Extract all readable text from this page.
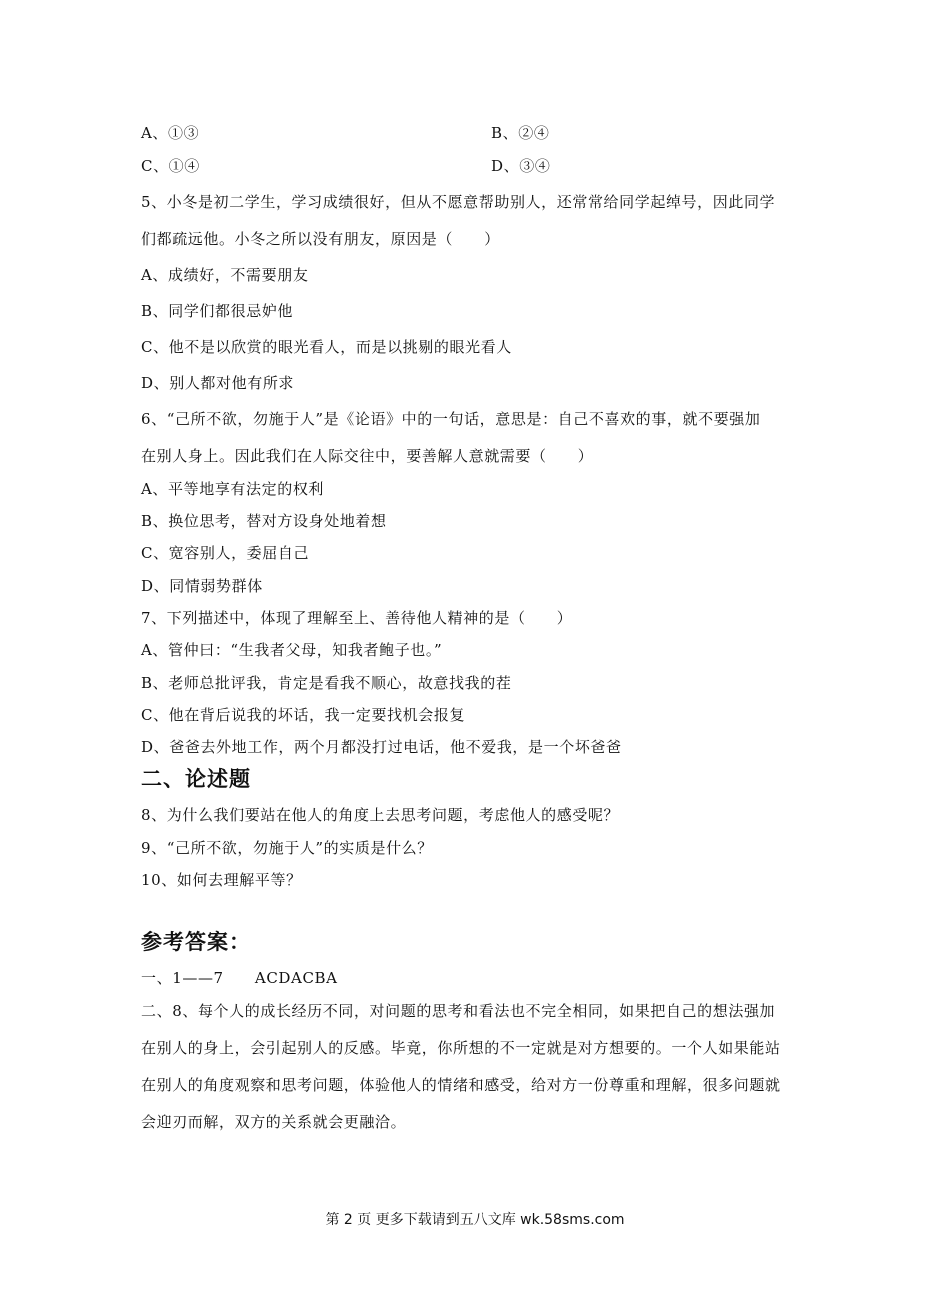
A、①③	B、②④
C、①④	D、③④
5、小冬是初二学生，学习成绩很好，但从不愿意帮助别人，还常常给同学起绰号，因此同学
们都疏远他。小冬之所以没有朋友，原因是（　　）
A、成绩好，不需要朋友
B、同学们都很忌妒他
C、他不是以欣赏的眼光看人，而是以挑剔的眼光看人
D、别人都对他有所求
6、“己所不欲，勿施于人”是《论语》中的一句话，意思是：自己不喜欢的事，就不要强加
在别人身上。因此我们在人际交往中，要善解人意就需要（　　）
A、平等地享有法定的权利
B、换位思考，替对方设身处地着想
C、宽容别人，委屈自己
D、同情弱势群体
7、下列描述中，体现了理解至上、善待他人精神的是（　　）
A、管仲曰：“生我者父母，知我者鲍子也。”
B、老师总批评我，肯定是看我不顺心，故意找我的茬
C、他在背后说我的坏话，我一定要找机会报复
D、爸爸去外地工作，两个月都没打过电话，他不爱我，是一个坏爸爸
二、论述题
8、为什么我们要站在他人的角度上去思考问题，考虑他人的感受呢？
9、“己所不欲，勿施于人”的实质是什么？
10、如何去理解平等？
参考答案：
一、1——7　　ACDACBA
二、8、每个人的成长经历不同，对问题的思考和看法也不完全相同，如果把自己的想法强加
在别人的身上，会引起别人的反感。毕竟，你所想的不一定就是对方想要的。一个人如果能站
在别人的角度观察和思考问题，体验他人的情绪和感受，给对方一份尊重和理解，很多问题就
会迎刃而解，双方的关系就会更融洽。
第 2 页 更多下载请到五八文库 wk.58sms.com
